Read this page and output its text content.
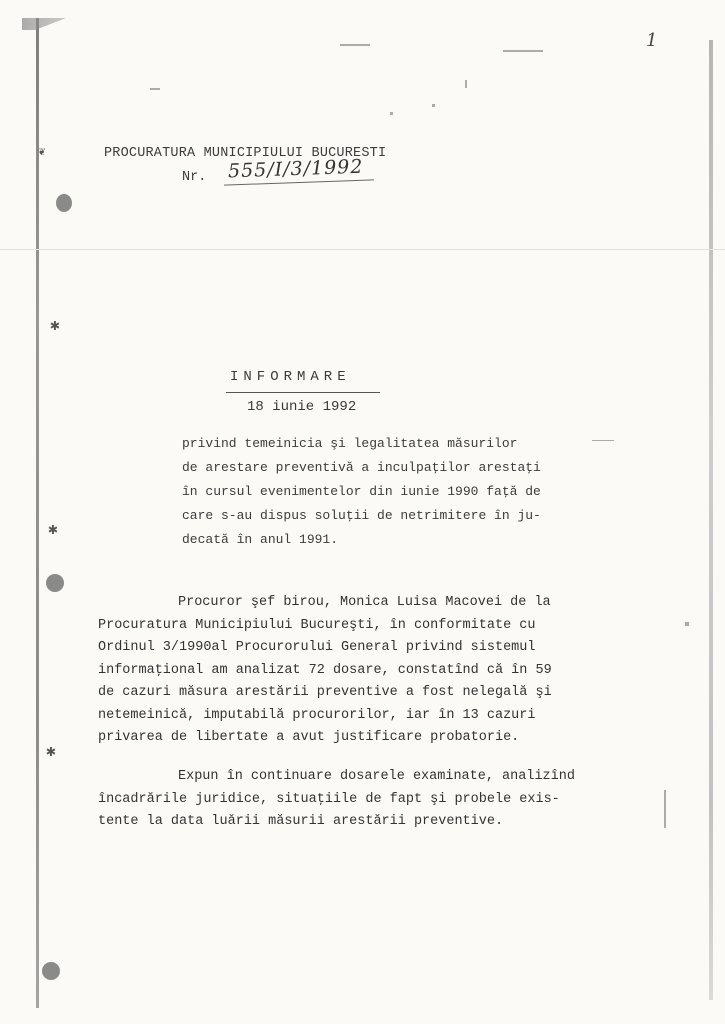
✱
✱
✱
❦
1
PROCURATURA MUNICIPIULUI BUCURESTI
Nr. 555/I/3/1992
INFORMARE
18 iunie 1992
privind temeinicia şi legalitatea măsurilor
de arestare preventivă a inculpaţilor arestaţi
în cursul evenimentelor din iunie 1990 faţă de
care s-au dispus soluţii de netrimitere în ju-
decată în anul 1991.
Procuror şef birou, Monica Luisa Macovei de la
Procuratura Municipiului Bucureşti, în conformitate cu
Ordinul 3/1990al Procurorului General privind sistemul
informaţional am analizat 72 dosare, constatînd că în 59
de cazuri măsura arestării preventive a fost nelegală şi
netemeinică, imputabilă procurorilor, iar în 13 cazuri
privarea de libertate a avut justificare probatorie.
Expun în continuare dosarele examinate, analizînd
încadrările juridice, situaţiile de fapt şi probele exis-
tente la data luării măsurii arestării preventive.
